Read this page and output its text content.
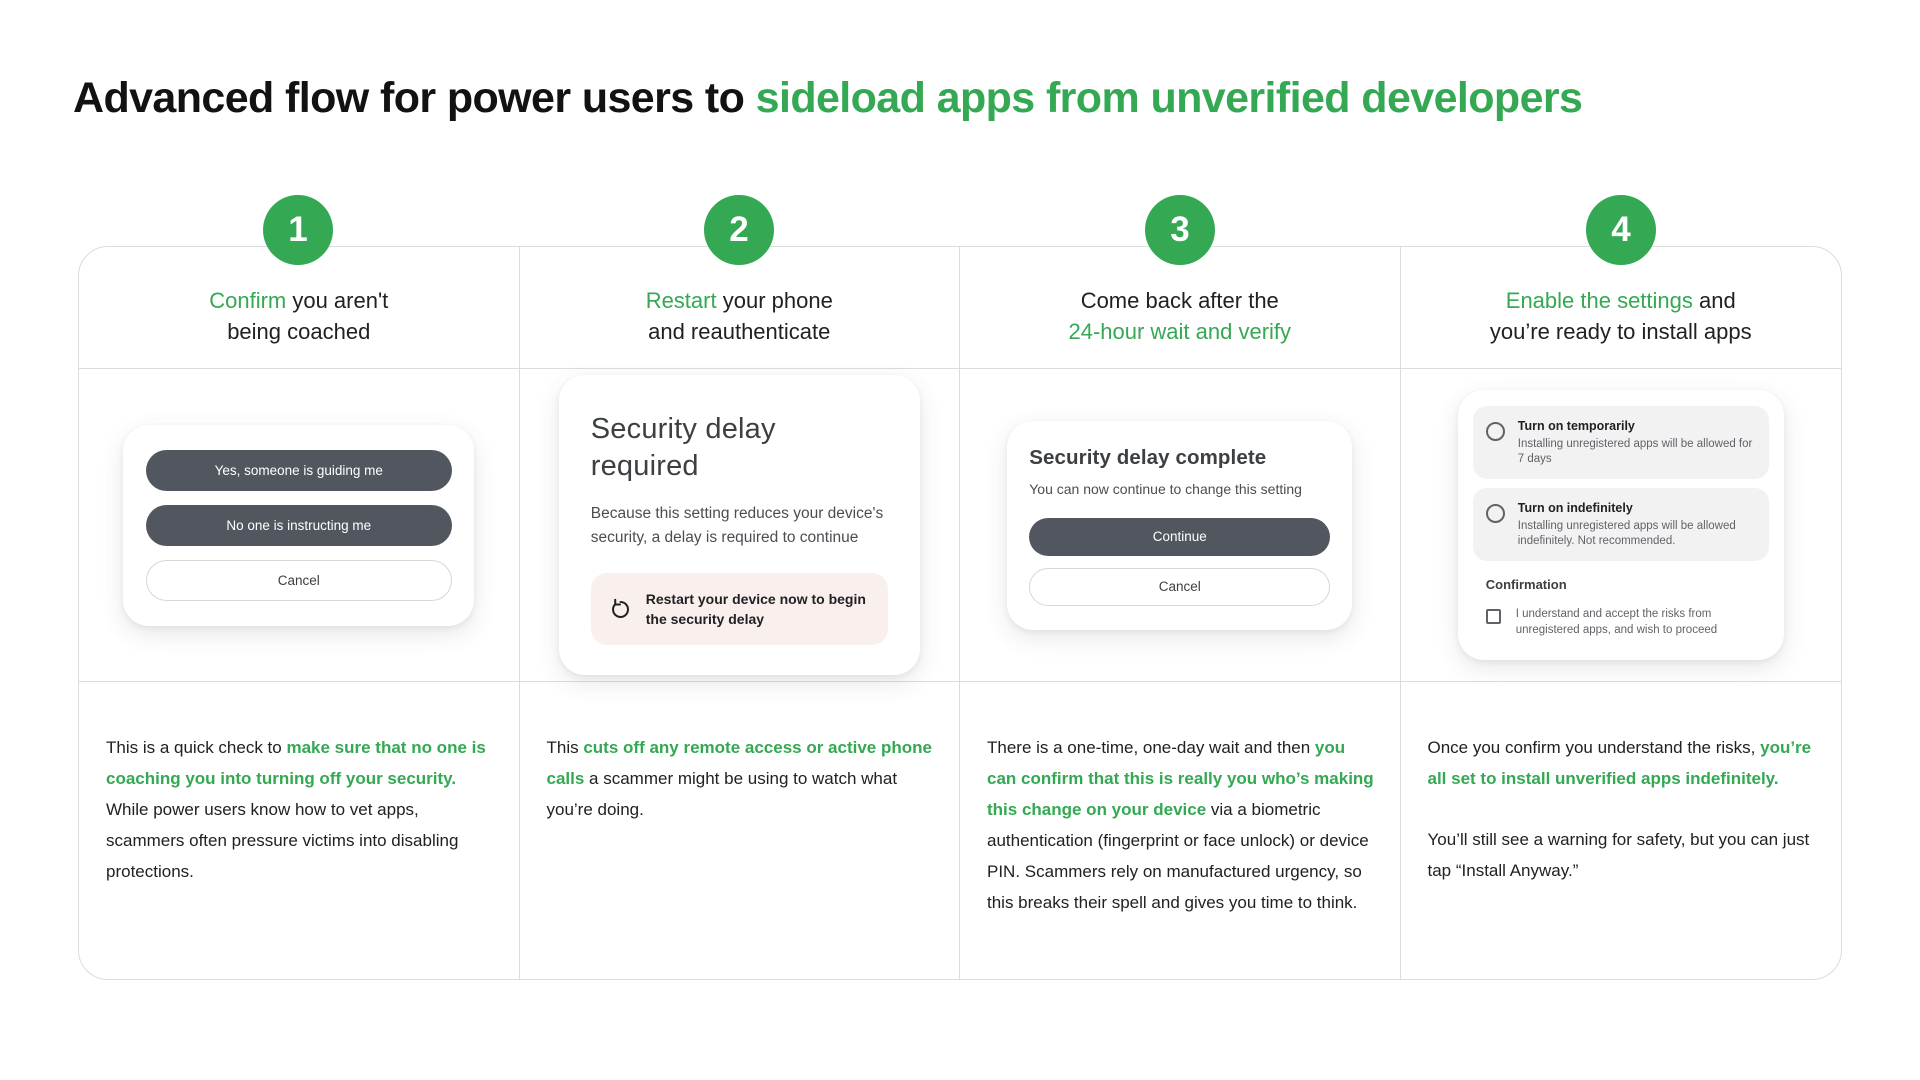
Advanced flow for power users to sideload apps from unverified developers
1	2	3	4
Confirm you aren't
being coached
Restart your phone
and reauthenticate
Come back after the
24-hour wait and verify
Enable the settings and
you’re ready to install apps
Yes, someone is guiding me
No one is instructing me
Cancel
Security delay required
Because this setting reduces your device's security, a delay is required to continue
Restart your device now to begin the security delay
Security delay complete
You can now continue to change this setting
Continue
Cancel
Turn on temporarily
Installing unregistered apps will be allowed for 7 days
Turn on indefinitely
Installing unregistered apps will be allowed indefinitely. Not recommended.
Confirmation
I understand and accept the risks from unregistered apps, and wish to proceed

This is a quick check to make sure that no one is coaching you into turning off your security. While power users know how to vet apps, scammers often pressure victims into disabling protections.

This cuts off any remote access or active phone calls a scammer might be using to watch what you’re doing.

There is a one-time, one-day wait and then you can confirm that this is really you who’s making this change on your device via a biometric authentication (fingerprint or face unlock) or device PIN. Scammers rely on manufactured urgency, so this breaks their spell and gives you time to think.

Once you confirm you understand the risks, you’re all set to install unverified apps indefinitely.

You’ll still see a warning for safety, but you can just tap “Install Anyway.”
